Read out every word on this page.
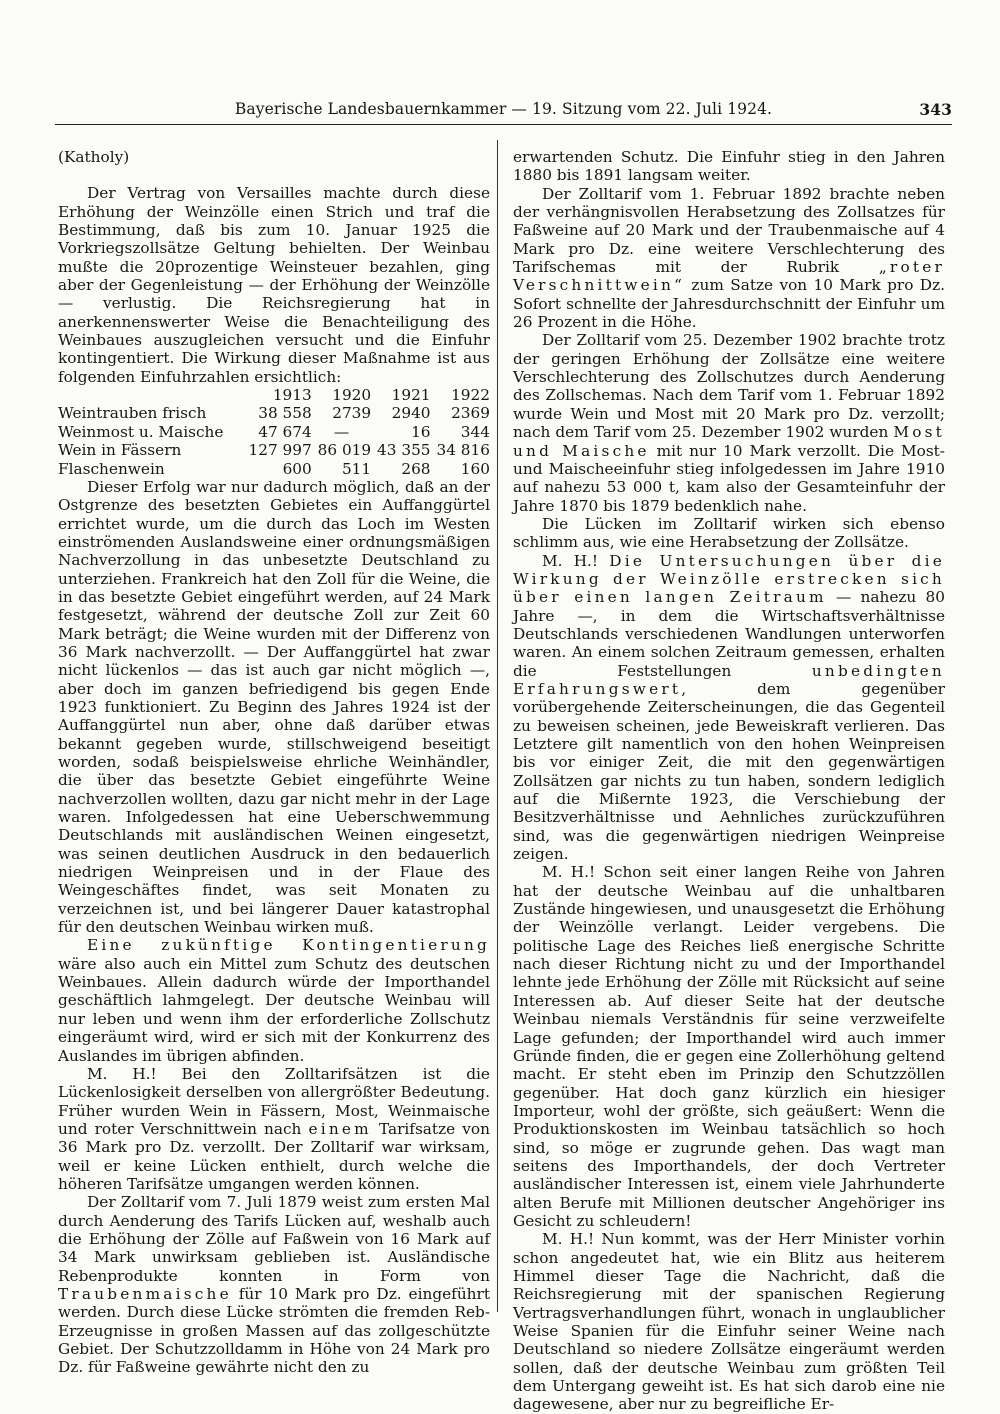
Bayerische Landesbauernkammer — 19. Sitzung vom 22. Juli 1924.	343

(Katholy)

Der Vertrag von Versailles machte durch diese Erhöhung der Weinzölle einen Strich und traf die Bestimmung, daß bis zum 10. Januar 1925 die Vorkriegszollsätze Geltung behielten. Der Weinbau mußte die 20prozentige Weinsteuer bezahlen, ging aber der Gegenleistung — der Erhöhung der Weinzölle — verlustig. Die Reichsregierung hat in anerkennenswerter Weise die Benachteiligung des Weinbaues auszugleichen versucht und die Einfuhr kontingentiert. Die Wirkung dieser Maßnahme ist aus folgenden Einfuhrzahlen ersichtlich:

	1913	1920	1921	1922
Weintrauben frisch	38 558	2739	2940	2369
Weinmost u. Maische	47 674	—	16	344
Wein in Fässern	127 997	86 019	43 355	34 816
Flaschenwein	600	511	268	160

Dieser Erfolg war nur dadurch möglich, daß an der Ostgrenze des besetzten Gebietes ein Auffanggürtel errichtet wurde, um die durch das Loch im Westen einströmenden Auslandsweine einer ordnungsmäßigen Nachverzollung in das unbesetzte Deutschland zu unterziehen. Frankreich hat den Zoll für die Weine, die in das besetzte Gebiet eingeführt werden, auf 24 Mark festgesetzt, während der deutsche Zoll zur Zeit 60 Mark beträgt; die Weine wurden mit der Differenz von 36 Mark nachverzollt. — Der Auffanggürtel hat zwar nicht lückenlos — das ist auch gar nicht möglich —, aber doch im ganzen befriedigend bis gegen Ende 1923 funktioniert. Zu Beginn des Jahres 1924 ist der Auffanggürtel nun aber, ohne daß darüber etwas bekannt gegeben wurde, stillschweigend beseitigt worden, sodaß beispielsweise ehrliche Weinhändler, die über das besetzte Gebiet eingeführte Weine nachverzollen wollten, dazu gar nicht mehr in der Lage waren. Infolgedessen hat eine Ueberschwemmung Deutschlands mit ausländischen Weinen eingesetzt, was seinen deutlichen Ausdruck in den bedauerlich niedrigen Weinpreisen und in der Flaue des Weingeschäftes findet, was seit Monaten zu verzeichnen ist, und bei längerer Dauer katastrophal für den deutschen Weinbau wirken muß.

Eine zukünftige Kontingentierung wäre also auch ein Mittel zum Schutz des deutschen Weinbaues. Allein dadurch würde der Importhandel geschäftlich lahmgelegt. Der deutsche Weinbau will nur leben und wenn ihm der erforderliche Zollschutz eingeräumt wird, wird er sich mit der Konkurrenz des Auslandes im übrigen abfinden.

M. H.! Bei den Zolltarifsätzen ist die Lückenlosigkeit derselben von allergrößter Bedeutung. Früher wurden Wein in Fässern, Most, Weinmaische und roter Verschnittwein nach einem Tarifsatze von 36 Mark pro Dz. verzollt. Der Zolltarif war wirksam, weil er keine Lücken enthielt, durch welche die höheren Tarifsätze umgangen werden können.

Der Zolltarif vom 7. Juli 1879 weist zum ersten Mal durch Aenderung des Tarifs Lücken auf, weshalb auch die Erhöhung der Zölle auf Faßwein von 16 Mark auf 34 Mark unwirksam geblieben ist. Ausländische Rebenprodukte konnten in Form von Traubenmaische für 10 Mark pro Dz. eingeführt werden. Durch diese Lücke strömten die fremden Reb-Erzeugnisse in großen Massen auf das zollgeschützte Gebiet. Der Schutzzolldamm in Höhe von 24 Mark pro Dz. für Faßweine gewährte nicht den zu

erwartenden Schutz. Die Einfuhr stieg in den Jahren 1880 bis 1891 langsam weiter.

Der Zolltarif vom 1. Februar 1892 brachte neben der verhängnisvollen Herabsetzung des Zollsatzes für Faßweine auf 20 Mark und der Traubenmaische auf 4 Mark pro Dz. eine weitere Verschlechterung des Tarifschemas mit der Rubrik	„roter Verschnittwein“ zum Satze von 10 Mark pro Dz. Sofort schnellte der Jahresdurchschnitt der Einfuhr um 26 Prozent in die Höhe.

Der Zolltarif vom 25. Dezember 1902 brachte trotz der geringen Erhöhung der Zollsätze eine weitere Verschlechterung des Zollschutzes durch Aenderung des Zollschemas. Nach dem Tarif vom 1. Februar 1892 wurde Wein und Most mit 20 Mark pro Dz. verzollt; nach dem Tarif vom 25. Dezember 1902 wurden Most und Maische mit nur 10 Mark verzollt. Die Most- und Maischeeinfuhr stieg infolgedessen im Jahre 1910 auf nahezu 53 000 t, kam also der Gesamteinfuhr der Jahre 1870 bis 1879 bedenklich nahe.

Die Lücken im Zolltarif wirken sich ebenso schlimm aus, wie eine Herabsetzung der Zollsätze.

M. H.! Die Untersuchungen über die Wirkung der Weinzölle erstrecken sich über einen langen Zeitraum — nahezu 80 Jahre —, in dem die Wirtschaftsverhältnisse Deutschlands verschiedenen Wandlungen unterworfen waren. An einem solchen Zeitraum gemessen, erhalten die Feststellungen	unbedingten Erfahrungswert, dem gegenüber vorübergehende Zeiterscheinungen, die das Gegenteil zu beweisen scheinen, jede Beweiskraft verlieren. Das Letztere gilt namentlich von den hohen Weinpreisen bis vor einiger Zeit, die mit den gegenwärtigen Zollsätzen gar nichts zu tun haben, sondern lediglich auf die Mißernte 1923, die Verschiebung der Besitzverhältnisse und Aehnliches zurückzuführen sind, was die gegenwärtigen niedrigen Weinpreise zeigen.

M. H.! Schon seit einer langen Reihe von Jahren hat der deutsche Weinbau auf die unhaltbaren Zustände hingewiesen, und unausgesetzt die Erhöhung der Weinzölle verlangt. Leider vergebens. Die politische Lage des Reiches ließ energische Schritte nach dieser Richtung nicht zu und der Importhandel lehnte jede Erhöhung der Zölle mit Rücksicht auf seine Interessen ab. Auf dieser Seite hat der deutsche Weinbau niemals Verständnis für seine verzweifelte Lage gefunden; der Importhandel wird auch immer Gründe finden, die er gegen eine Zollerhöhung geltend macht. Er steht eben im Prinzip den Schutzzöllen gegenüber. Hat doch ganz kürzlich ein hiesiger Importeur, wohl der größte, sich geäußert: Wenn die Produktionskosten im Weinbau tatsächlich so hoch sind, so möge er zugrunde gehen. Das wagt man seitens des Importhandels, der doch Vertreter ausländischer Interessen ist, einem viele Jahrhunderte alten Berufe mit Millionen deutscher Angehöriger ins Gesicht zu schleudern!

M. H.! Nun kommt, was der Herr Minister vorhin schon angedeutet hat, wie ein Blitz aus heiterem Himmel dieser Tage die Nachricht, daß die Reichsregierung mit der spanischen Regierung Vertragsverhandlungen führt, wonach in unglaublicher Weise Spanien für die Einfuhr seiner Weine nach Deutschland so niedere Zollsätze eingeräumt werden sollen, daß der deutsche Weinbau zum größten Teil dem Untergang geweiht ist. Es hat sich darob eine nie dagewesene, aber nur zu begreifliche Er-
